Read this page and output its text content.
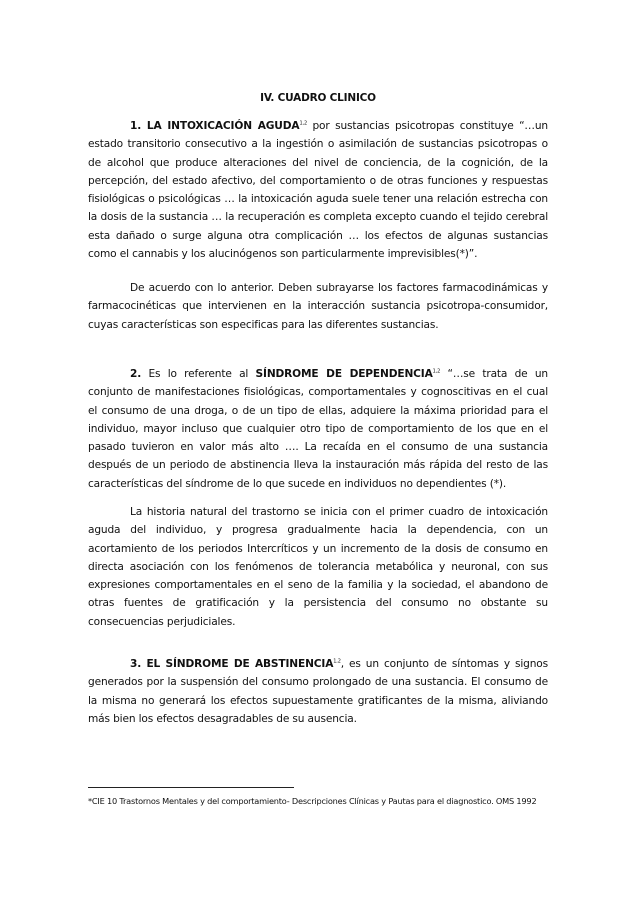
IV. CUADRO CLINICO
1. LA INTOXICACIÓN AGUDA$^{1,2}$ por sustancias psicotropas constituye “…un estado transitorio consecutivo a la ingestión o asimilación de sustancias psicotropas o de alcohol que produce alteraciones del nivel de conciencia, de la cognición, de la percepción, del estado afectivo, del comportamiento o de otras funciones y respuestas fisiológicas o psicológicas … la intoxicación aguda suele tener una relación estrecha con la dosis de la sustancia … la recuperación es completa excepto cuando el tejido cerebral esta dañado o surge alguna otra complicación … los efectos de algunas sustancias como el cannabis y los alucinógenos son particularmente imprevisibles(*)”.
De acuerdo con lo anterior. Deben subrayarse los factores farmacodinámicas y farmacocinéticas que intervienen en la interacción sustancia psicotropa-consumidor, cuyas características son especificas para las diferentes sustancias.
2. Es lo referente al SÍNDROME DE DEPENDENCIA$^{1,2}$ “…se trata de un conjunto de manifestaciones fisiológicas, comportamentales y cognoscitivas en el cual el consumo de una droga, o de un tipo de ellas, adquiere la máxima prioridad para el individuo, mayor incluso que cualquier otro tipo de comportamiento de los que en el pasado tuvieron en valor más alto …. La recaída en el consumo de una sustancia después de un periodo de abstinencia lleva la instauración más rápida del resto de las características del síndrome de lo que sucede en individuos no dependientes (*).
La historia natural del trastorno se inicia con el primer cuadro de intoxicación aguda del individuo, y progresa gradualmente hacia la dependencia, con un acortamiento de los periodos Intercríticos y un incremento de la dosis de consumo en directa asociación con los fenómenos de tolerancia metabólica y neuronal, con sus expresiones comportamentales en el seno de la familia y la sociedad, el abandono de otras fuentes de gratificación y la persistencia del consumo no obstante su consecuencias perjudiciales.
3. EL SÍNDROME DE ABSTINENCIA$^{1,2}$, es un conjunto de síntomas y signos generados por la suspensión del consumo prolongado de una sustancia. El consumo de la misma no generará los efectos supuestamente gratificantes de la misma, aliviando más bien los efectos desagradables de su ausencia.
*CIE 10 Trastornos Mentales y del comportamiento- Descripciones Clínicas y Pautas para el diagnostico. OMS 1992
